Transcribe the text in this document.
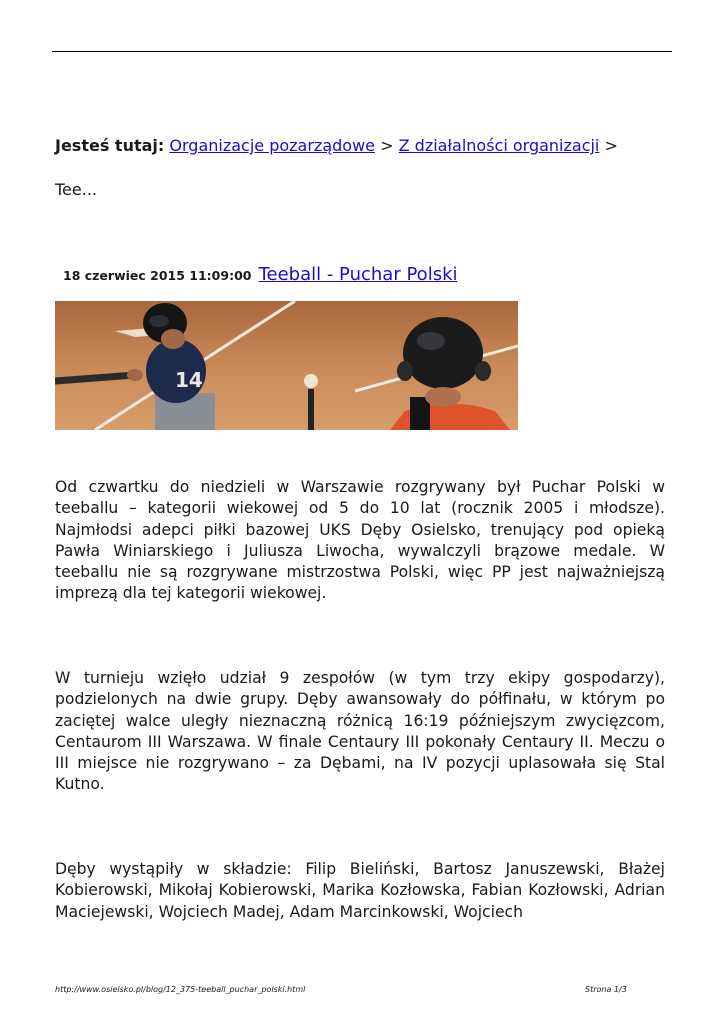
Jesteś tutaj: Organizacje pozarządowe > Z działalności organizacji >
Tee...
18 czerwiec 2015 11:09:00 Teeball - Puchar Polski
14
Od czwartku do niedzieli w Warszawie rozgrywany był Puchar Polski w teeballu – kategorii wiekowej od 5 do 10 lat (rocznik 2005 i młodsze). Najmłodsi adepci piłki bazowej UKS Dęby Osielsko, trenujący pod opieką Pawła Winiarskiego i Juliusza Liwocha, wywalczyli brązowe medale. W teeballu nie są rozgrywane mistrzostwa Polski, więc PP jest najważniejszą imprezą dla tej kategorii wiekowej.
W turnieju wzięło udział 9 zespołów (w tym trzy ekipy gospodarzy), podzielonych na dwie grupy. Dęby awansowały do półfinału, w którym po zaciętej walce uległy nieznaczną różnicą 16:19 późniejszym zwycięzcom, Centaurom III Warszawa. W finale Centaury III pokonały Centaury II. Meczu o III miejsce nie rozgrywano – za Dębami, na IV pozycji uplasowała się Stal Kutno.
Dęby wystąpiły w składzie: Filip Bieliński, Bartosz Januszewski, Błażej Kobierowski, Mikołaj Kobierowski, Marika Kozłowska, Fabian Kozłowski, Adrian Maciejewski, Wojciech Madej, Adam Marcinkowski, Wojciech
http://www.osielsko.pl/blog/12_375-teeball_puchar_polski.html	Strona 1/3
